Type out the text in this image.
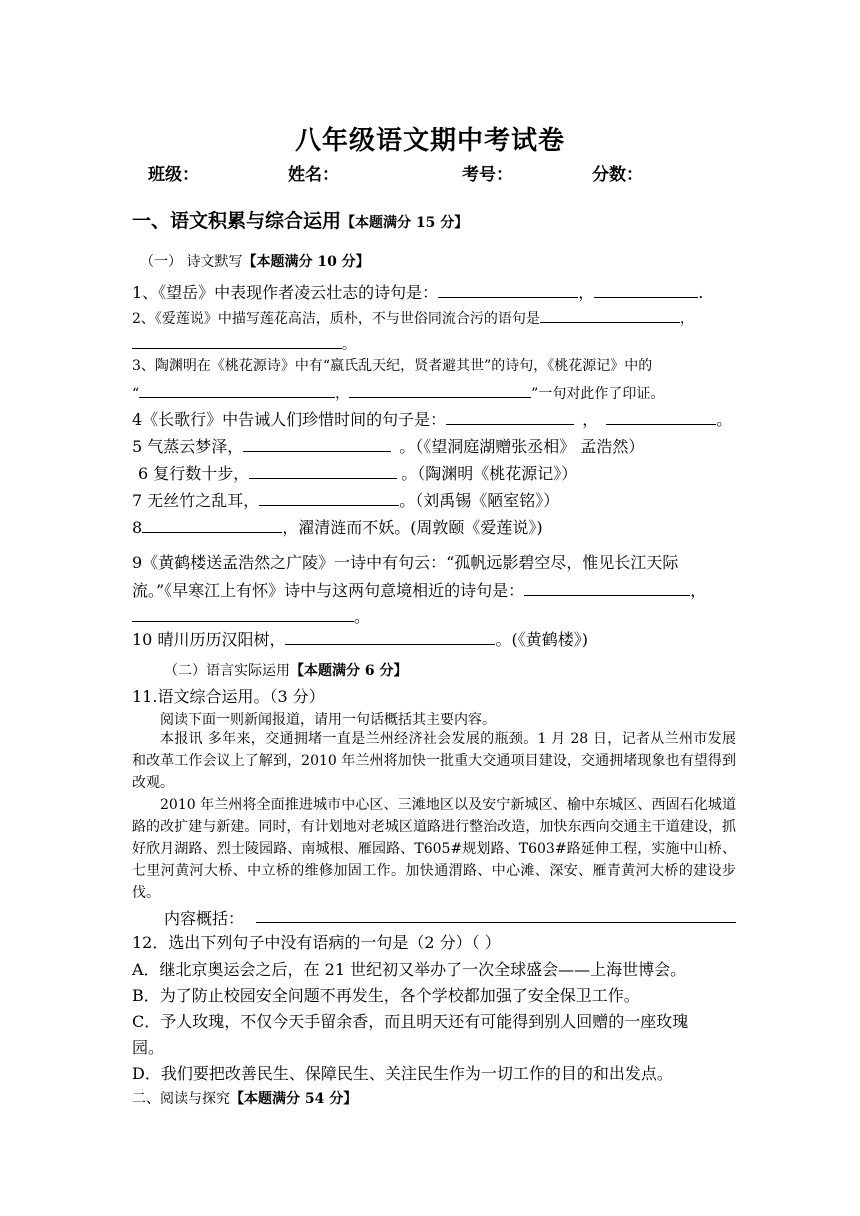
八年级语文期中考试卷
班级：	姓名：	考号：	分数：
一、语文积累与综合运用【本题满分 15 分】
（一） 诗文默写【本题满分 10 分】
1、《望岳》中表现作者凌云壮志的诗句是：	，	.
2、《爱莲说》中描写莲花高洁，质朴，不与世俗同流合污的语句是	，
。
3、陶渊明在《桃花源诗》中有“嬴氏乱天纪，贤者避其世”的诗句，《桃花源记》中的
“	，	”一句对此作了印证。
4《长歌行》中告诫人们珍惜时间的句子是：	，	。
5 气蒸云梦泽，	。（《望洞庭湖赠张丞相》 孟浩然）
6 复行数十步，	。（陶渊明《桃花源记》）
7 无丝竹之乱耳，	。（刘禹锡《陋室铭》）
8	，濯清涟而不妖。(周敦颐《爱莲说》)
9《黄鹤楼送孟浩然之广陵》一诗中有句云：“孤帆远影碧空尽，惟见长江天际
流。”《早寒江上有怀》诗中与这两句意境相近的诗句是：	，
。
10 晴川历历汉阳树，	。(《黄鹤楼》)
（二）语言实际运用【本题满分 6 分】
11.语文综合运用。（3 分）
阅读下面一则新闻报道，请用一句话概括其主要内容。
本报讯 多年来，交通拥堵一直是兰州经济社会发展的瓶颈。1 月 28 日，记者从兰州市发展和改革工作会议上了解到，2010 年兰州将加快一批重大交通项目建设，交通拥堵现象也有望得到改观。
2010 年兰州将全面推进城市中心区、三滩地区以及安宁新城区、榆中东城区、西固石化城道路的改扩建与新建。同时，有计划地对老城区道路进行整治改造，加快东西向交通主干道建设，抓好欣月湖路、烈士陵园路、南城根、雁园路、T605#规划路、T603#路延伸工程，实施中山桥、七里河黄河大桥、中立桥的维修加固工作。加快通渭路、中心滩、深安、雁青黄河大桥的建设步伐。
内容概括：
12．选出下列句子中没有语病的一句是（2 分）（ ）
A．继北京奥运会之后，在 21 世纪初又举办了一次全球盛会——上海世博会。
B．为了防止校园安全问题不再发生，各个学校都加强了安全保卫工作。
C．予人玫瑰，不仅今天手留余香，而且明天还有可能得到别人回赠的一座玫瑰
园。
D．我们要把改善民生、保障民生、关注民生作为一切工作的目的和出发点。
二、阅读与探究【本题满分 54 分】
